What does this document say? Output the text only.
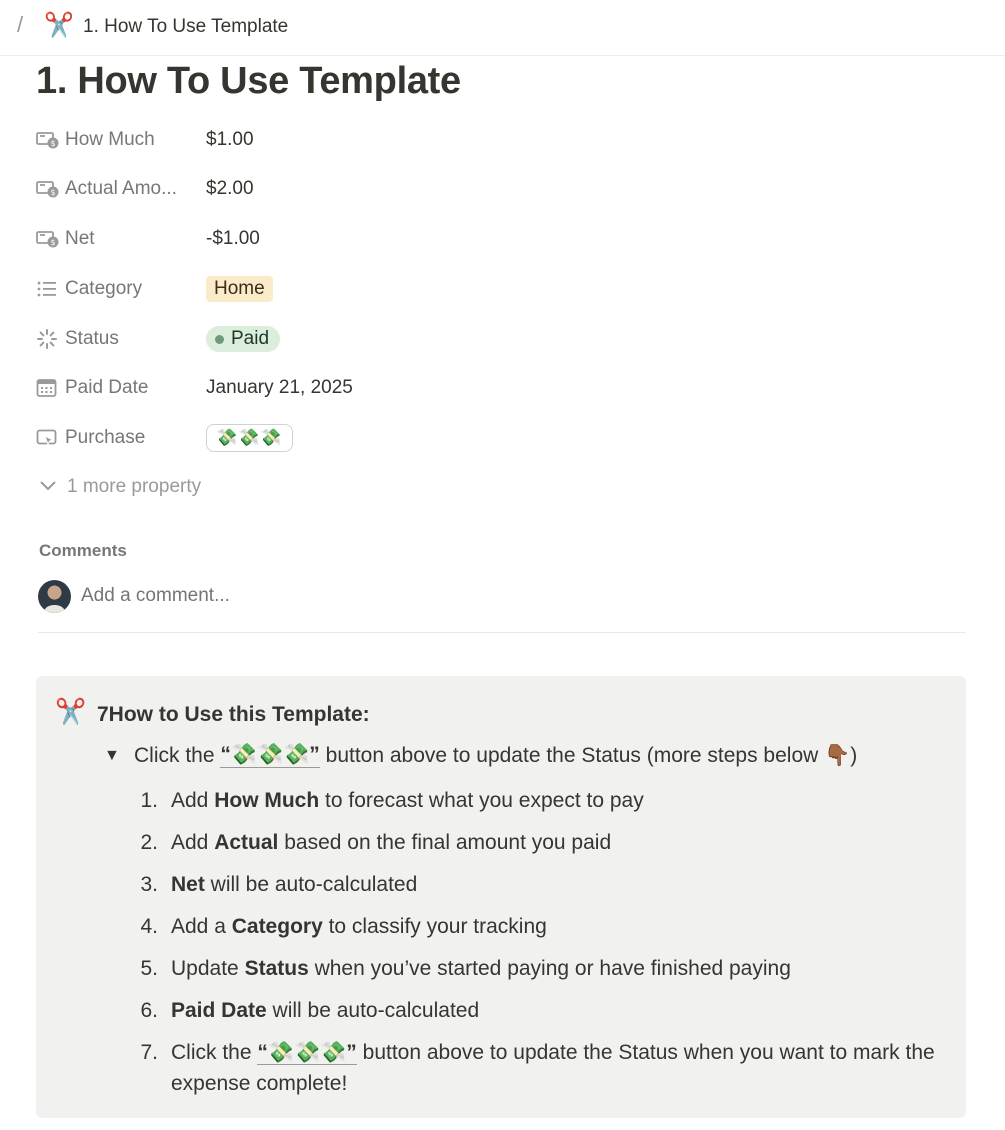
/ ✂️ 1. How To Use Template
1. How To Use Template
$ How Much	$1.00
$ Actual Amo... $2.00
$ Net	-$1.00
Category	Home
Status	Paid
Paid Date	January 21, 2025
Purchase	💸💸💸
1 more property
Comments
Add a comment...
✂️ 7How to Use this Template:
▼ Click the “💸💸💸” button above to update the Status (more steps below 👇🏾)
1. Add How Much to forecast what you expect to pay
2. Add Actual based on the final amount you paid
3. Net will be auto-calculated
4. Add a Category to classify your tracking
5. Update Status when you’ve started paying or have finished paying
6. Paid Date will be auto-calculated
7. Click the “💸💸💸” button above to update the Status when you want to mark the expense complete!
